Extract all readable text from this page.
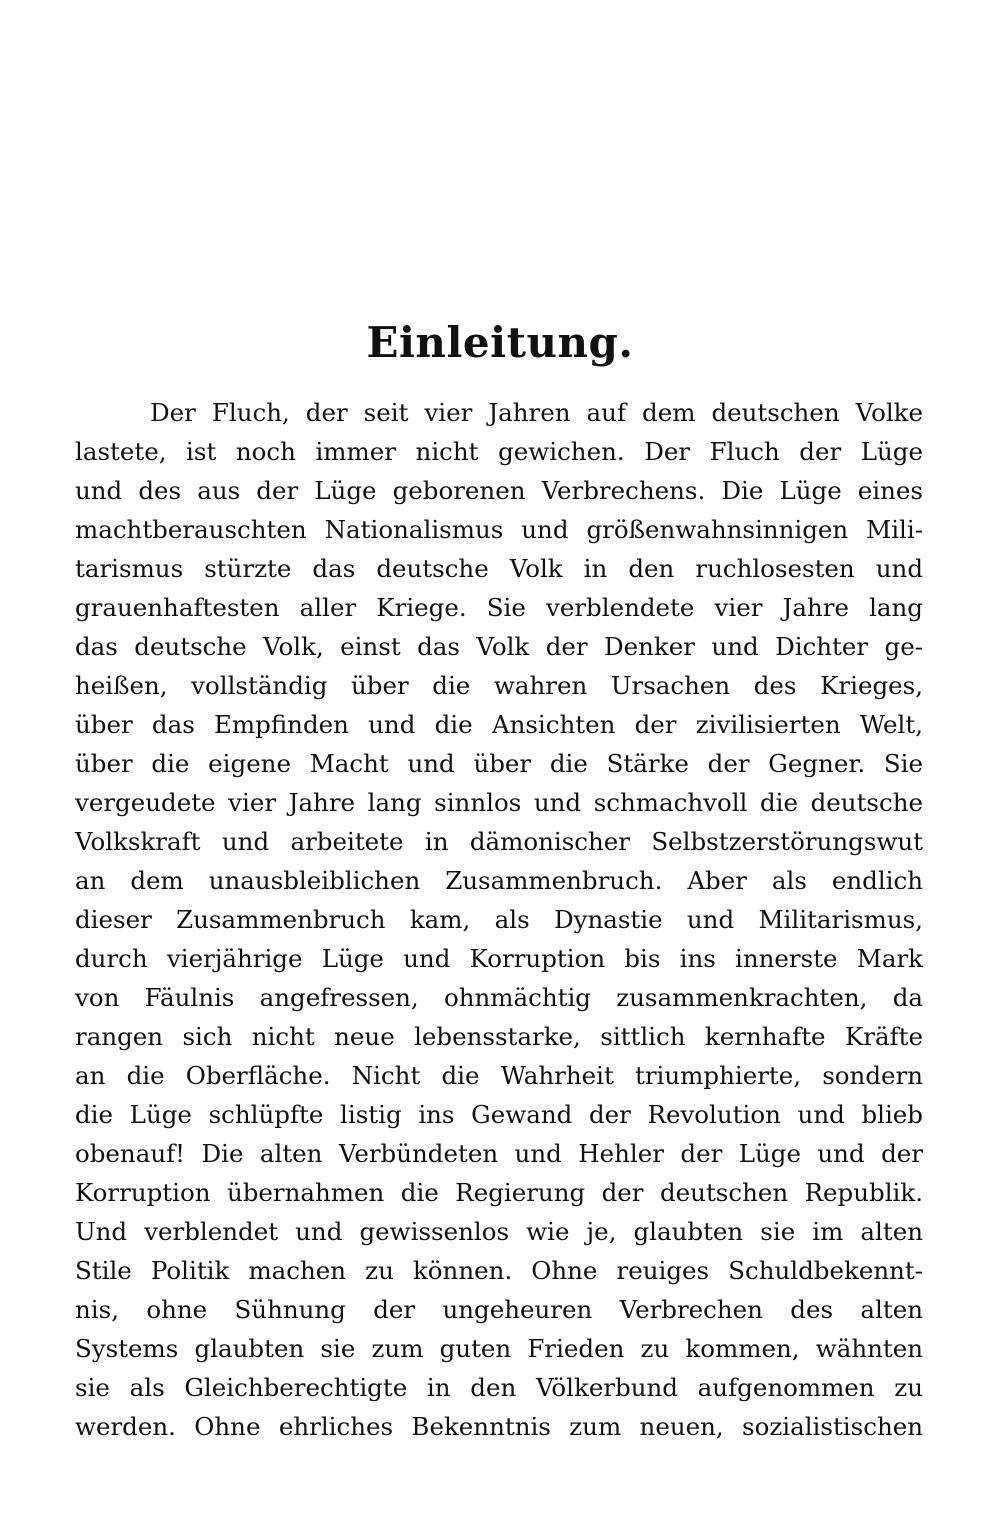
Einleitung.
Der Fluch, der seit vier Jahren auf dem deutschen Volke
lastete, ist noch immer nicht gewichen. Der Fluch der Lüge
und des aus der Lüge geborenen Verbrechens. Die Lüge eines
machtberauschten Nationalismus und größenwahnsinnigen Mili-
tarismus stürzte das deutsche Volk in den ruchlosesten und
grauenhaftesten aller Kriege. Sie verblendete vier Jahre lang
das deutsche Volk, einst das Volk der Denker und Dichter ge-
heißen, vollständig über die wahren Ursachen des Krieges,
über das Empfinden und die Ansichten der zivilisierten Welt,
über die eigene Macht und über die Stärke der Gegner. Sie
vergeudete vier Jahre lang sinnlos und schmachvoll die deutsche
Volkskraft und arbeitete in dämonischer Selbstzerstörungswut
an dem unausbleiblichen Zusammenbruch. Aber als endlich
dieser Zusammenbruch kam, als Dynastie und Militarismus,
durch vierjährige Lüge und Korruption bis ins innerste Mark
von Fäulnis angefressen, ohnmächtig zusammenkrachten, da
rangen sich nicht neue lebensstarke, sittlich kernhafte Kräfte
an die Oberfläche. Nicht die Wahrheit triumphierte, sondern
die Lüge schlüpfte listig ins Gewand der Revolution und blieb
obenauf! Die alten Verbündeten und Hehler der Lüge und der
Korruption übernahmen die Regierung der deutschen Republik.
Und verblendet und gewissenlos wie je, glaubten sie im alten
Stile Politik machen zu können. Ohne reuiges Schuldbekennt-
nis, ohne Sühnung der ungeheuren Verbrechen des alten
Systems glaubten sie zum guten Frieden zu kommen, wähnten
sie als Gleichberechtigte in den Völkerbund aufgenommen zu
werden. Ohne ehrliches Bekenntnis zum neuen, sozialistischen
